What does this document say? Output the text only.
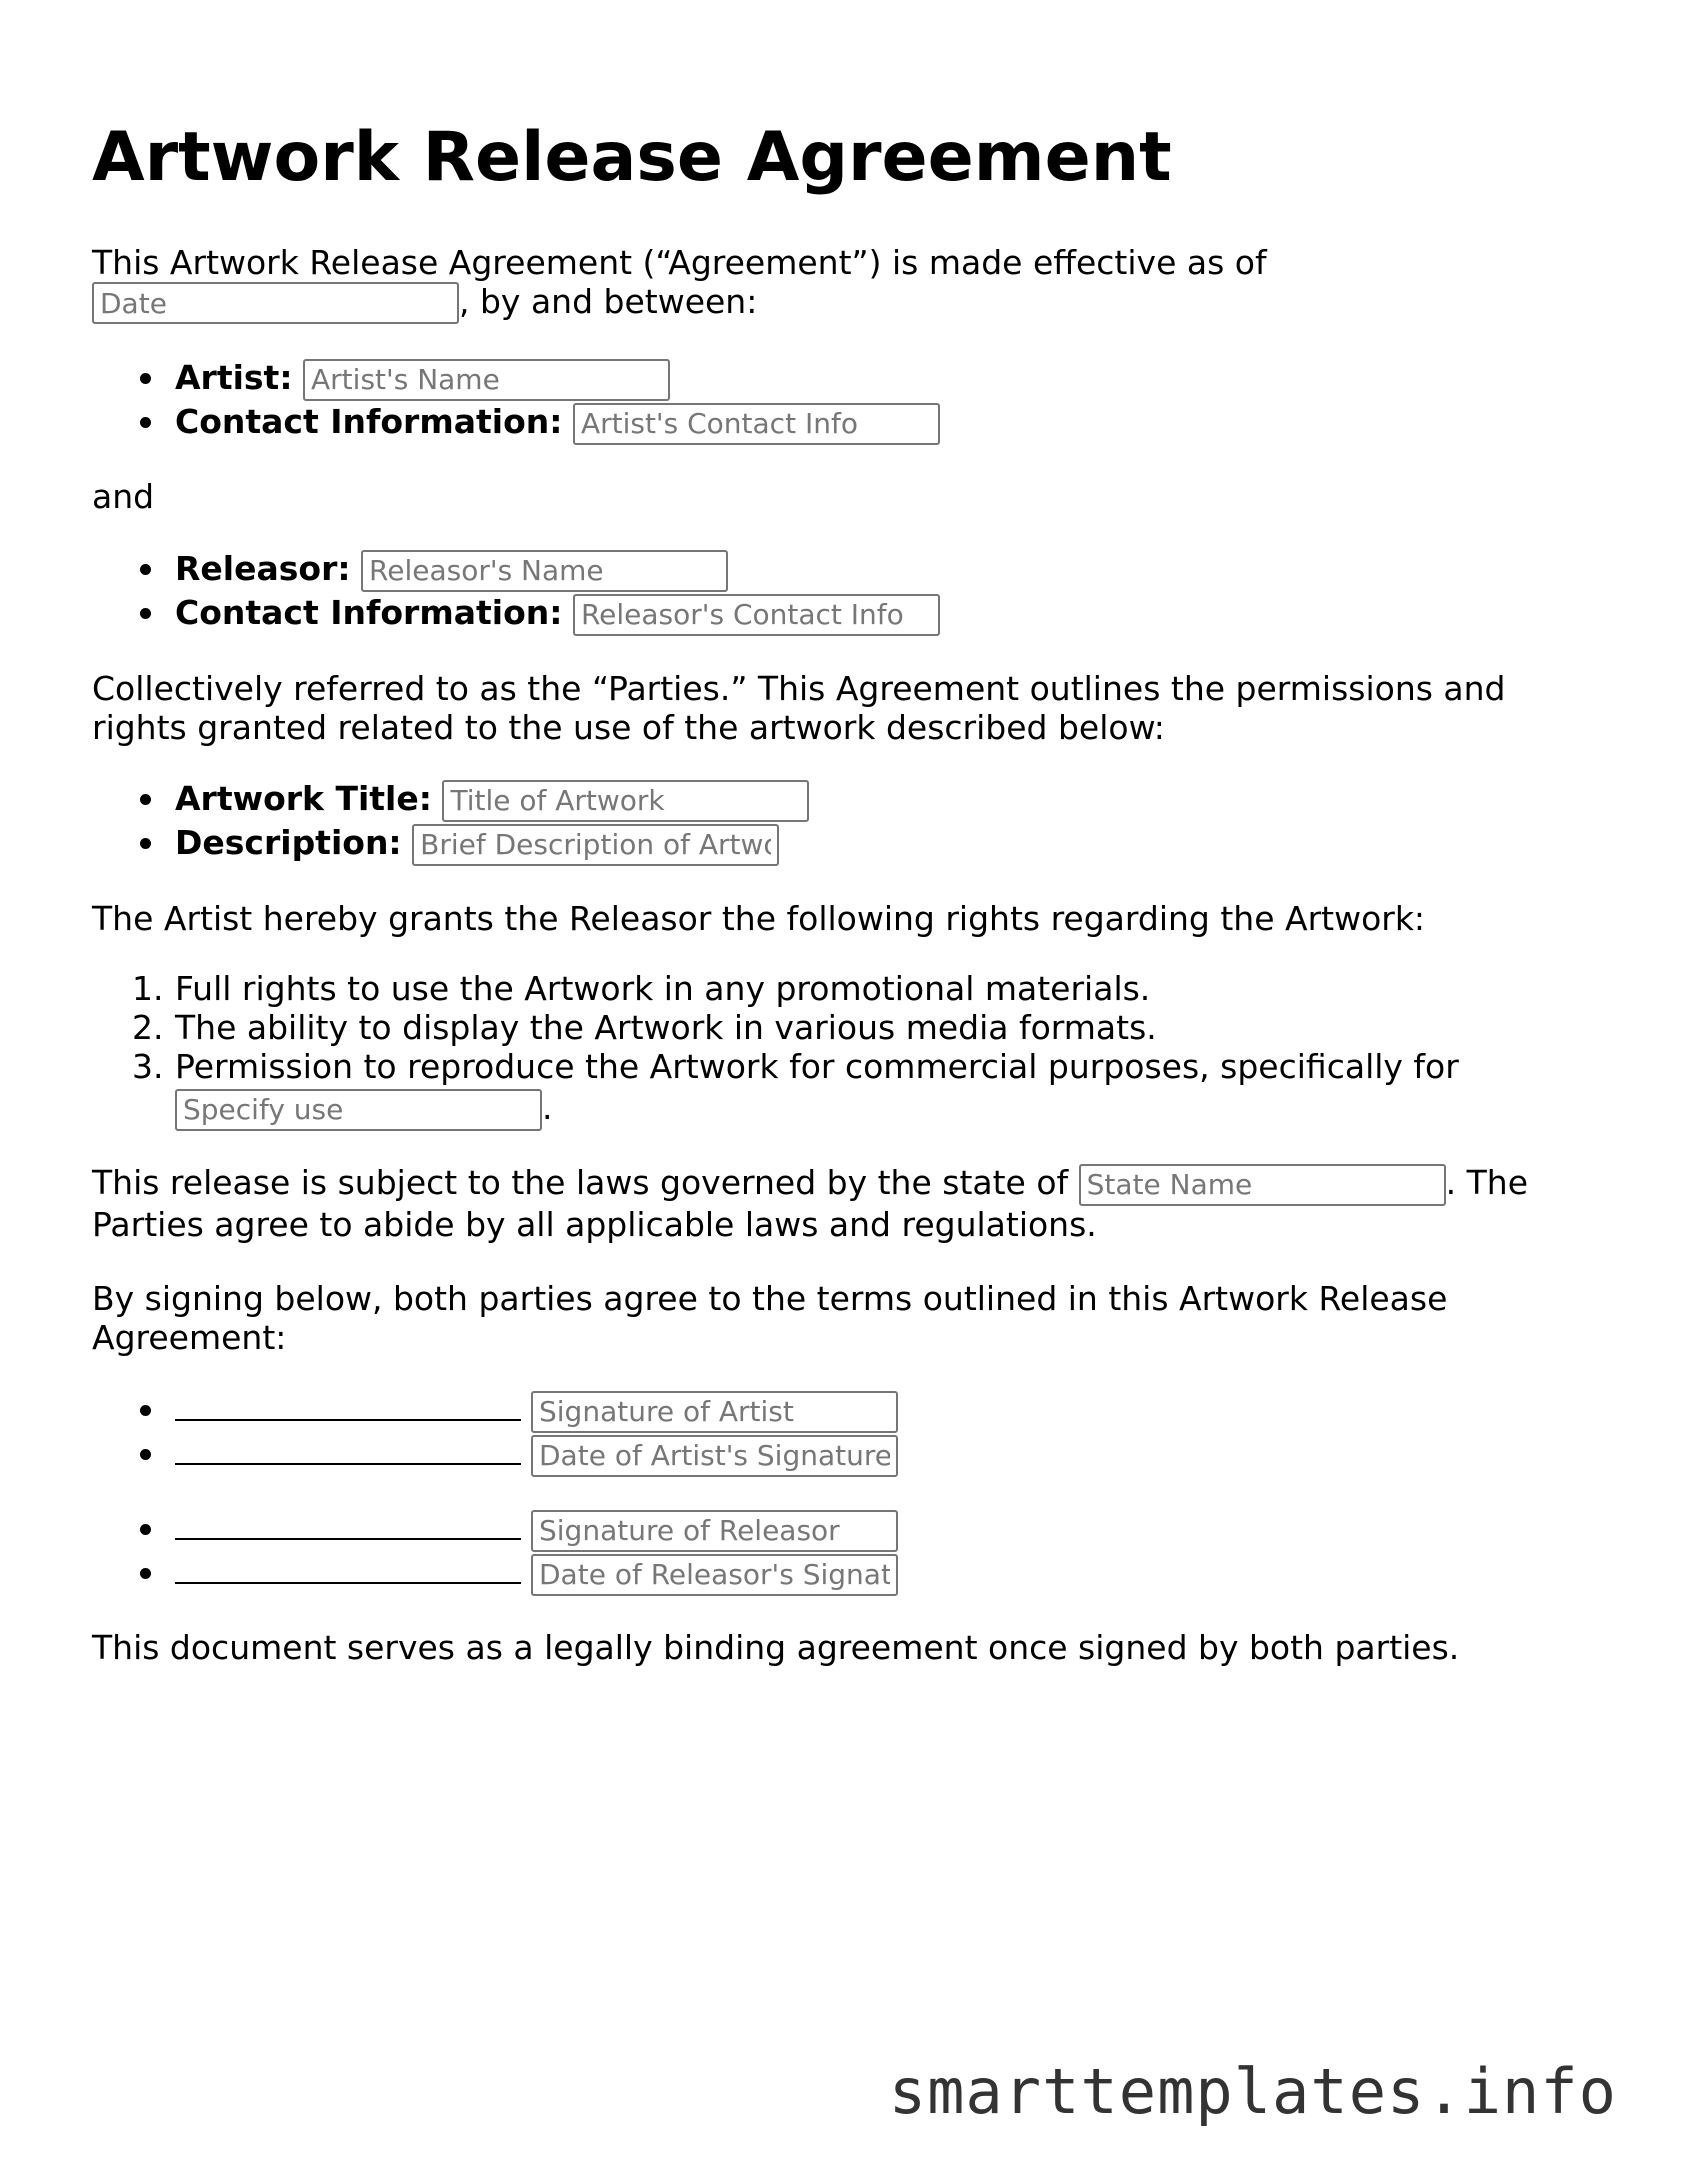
Artwork Release Agreement
This Artwork Release Agreement (“Agreement”) is made effective as of
Date, by and between:
Artist: Artist's Name
Contact Information: Artist's Contact Info
and
Releasor: Releasor's Name
Contact Information: Releasor's Contact Info
Collectively referred to as the “Parties.” This Agreement outlines the permissions and rights granted related to the use of the artwork described below:
Artwork Title: Title of Artwork
Description: Brief Description of Artwork
The Artist hereby grants the Releasor the following rights regarding the Artwork:
1. Full rights to use the Artwork in any promotional materials.
2. The ability to display the Artwork in various media formats.
3. Permission to reproduce the Artwork for commercial purposes, specifically for
Specify use.
This release is subject to the laws governed by the state of State Name	. The
Parties agree to abide by all applicable laws and regulations.
By signing below, both parties agree to the terms outlined in this Artwork Release Agreement:
Signature of Artist
Date of Artist's Signature
Signature of Releasor
Date of Releasor's Signature
This document serves as a legally binding agreement once signed by both parties.
smarttemplates.info
